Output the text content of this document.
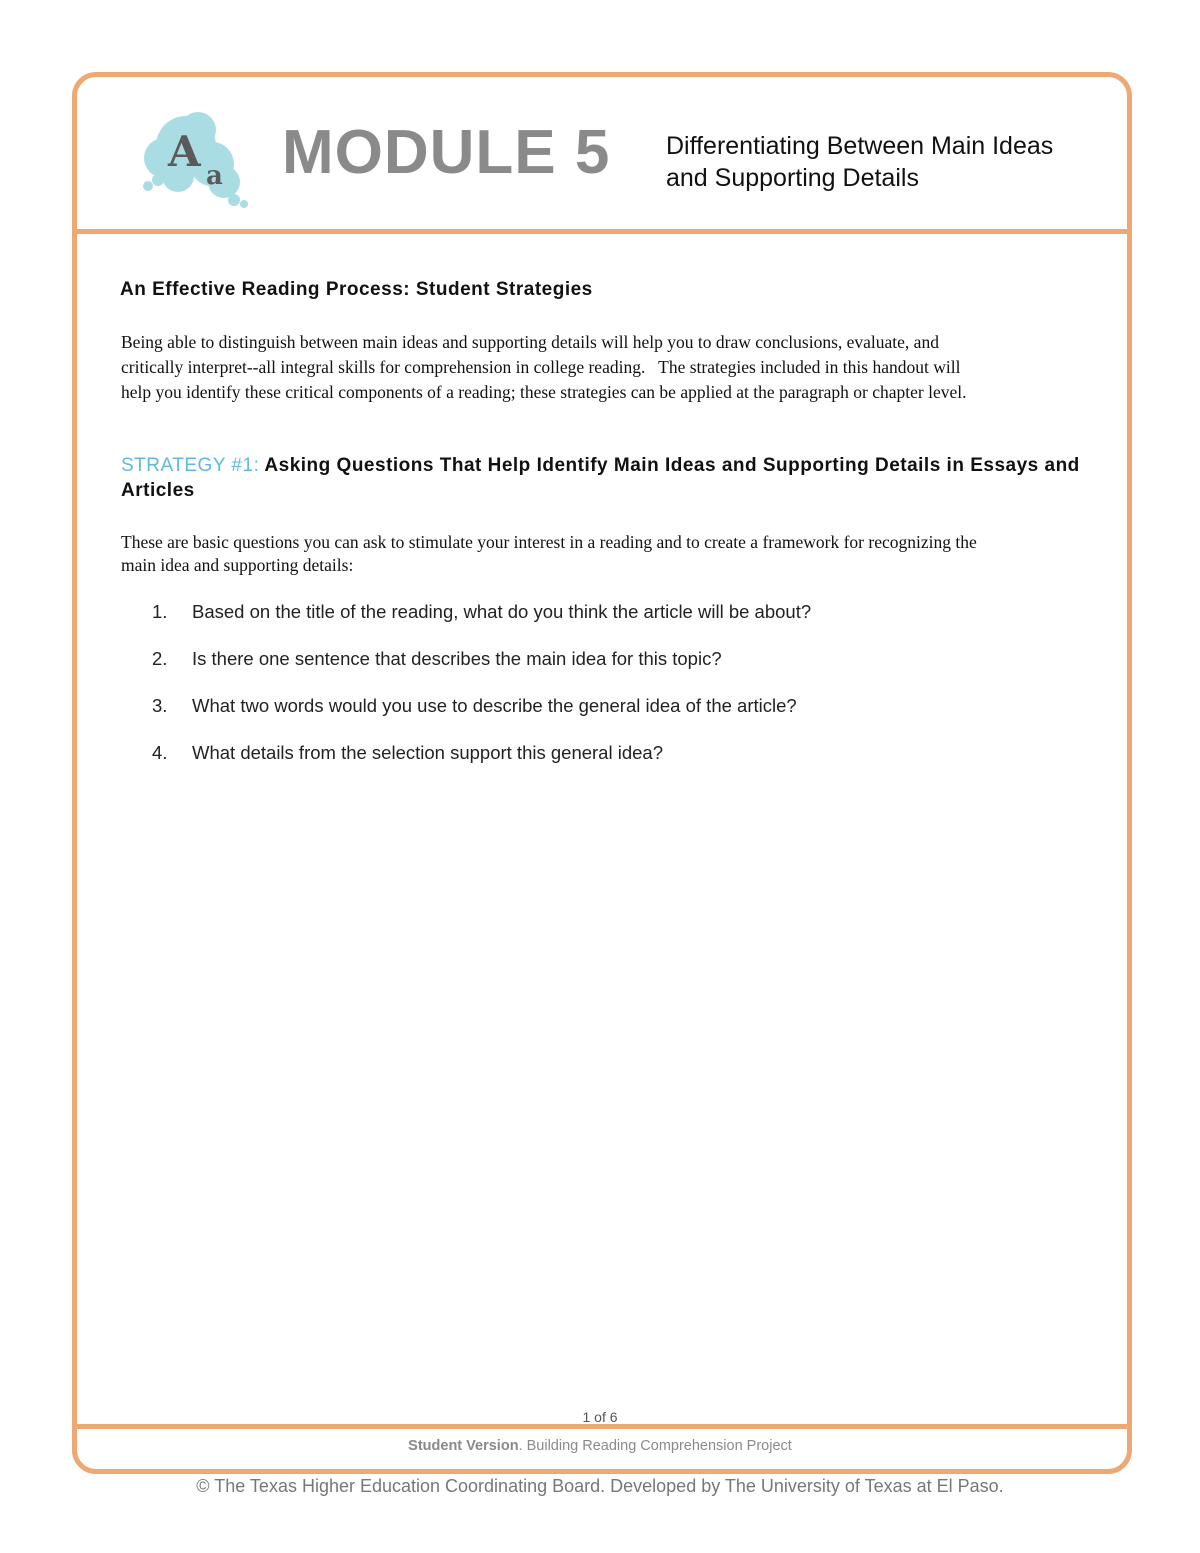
A a MODULE 5 Differentiating Between Main Ideas
and Supporting Details
An Effective Reading Process: Student Strategies
Being able to distinguish between main ideas and supporting details will help you to draw conclusions, evaluate, and
critically interpret--all integral skills for comprehension in college reading.   The strategies included in this handout will
help you identify these critical components of a reading; these strategies can be applied at the paragraph or chapter level.
STRATEGY #1: Asking Questions That Help Identify Main Ideas and Supporting Details in Essays and Articles
These are basic questions you can ask to stimulate your interest in a reading and to create a framework for recognizing the
main idea and supporting details:
1. Based on the title of the reading, what do you think the article will be about?
2. Is there one sentence that describes the main idea for this topic?
3. What two words would you use to describe the general idea of the article?
4. What details from the selection support this general idea?
1 of 6
Student Version. Building Reading Comprehension Project
© The Texas Higher Education Coordinating Board. Developed by The University of Texas at El Paso.
